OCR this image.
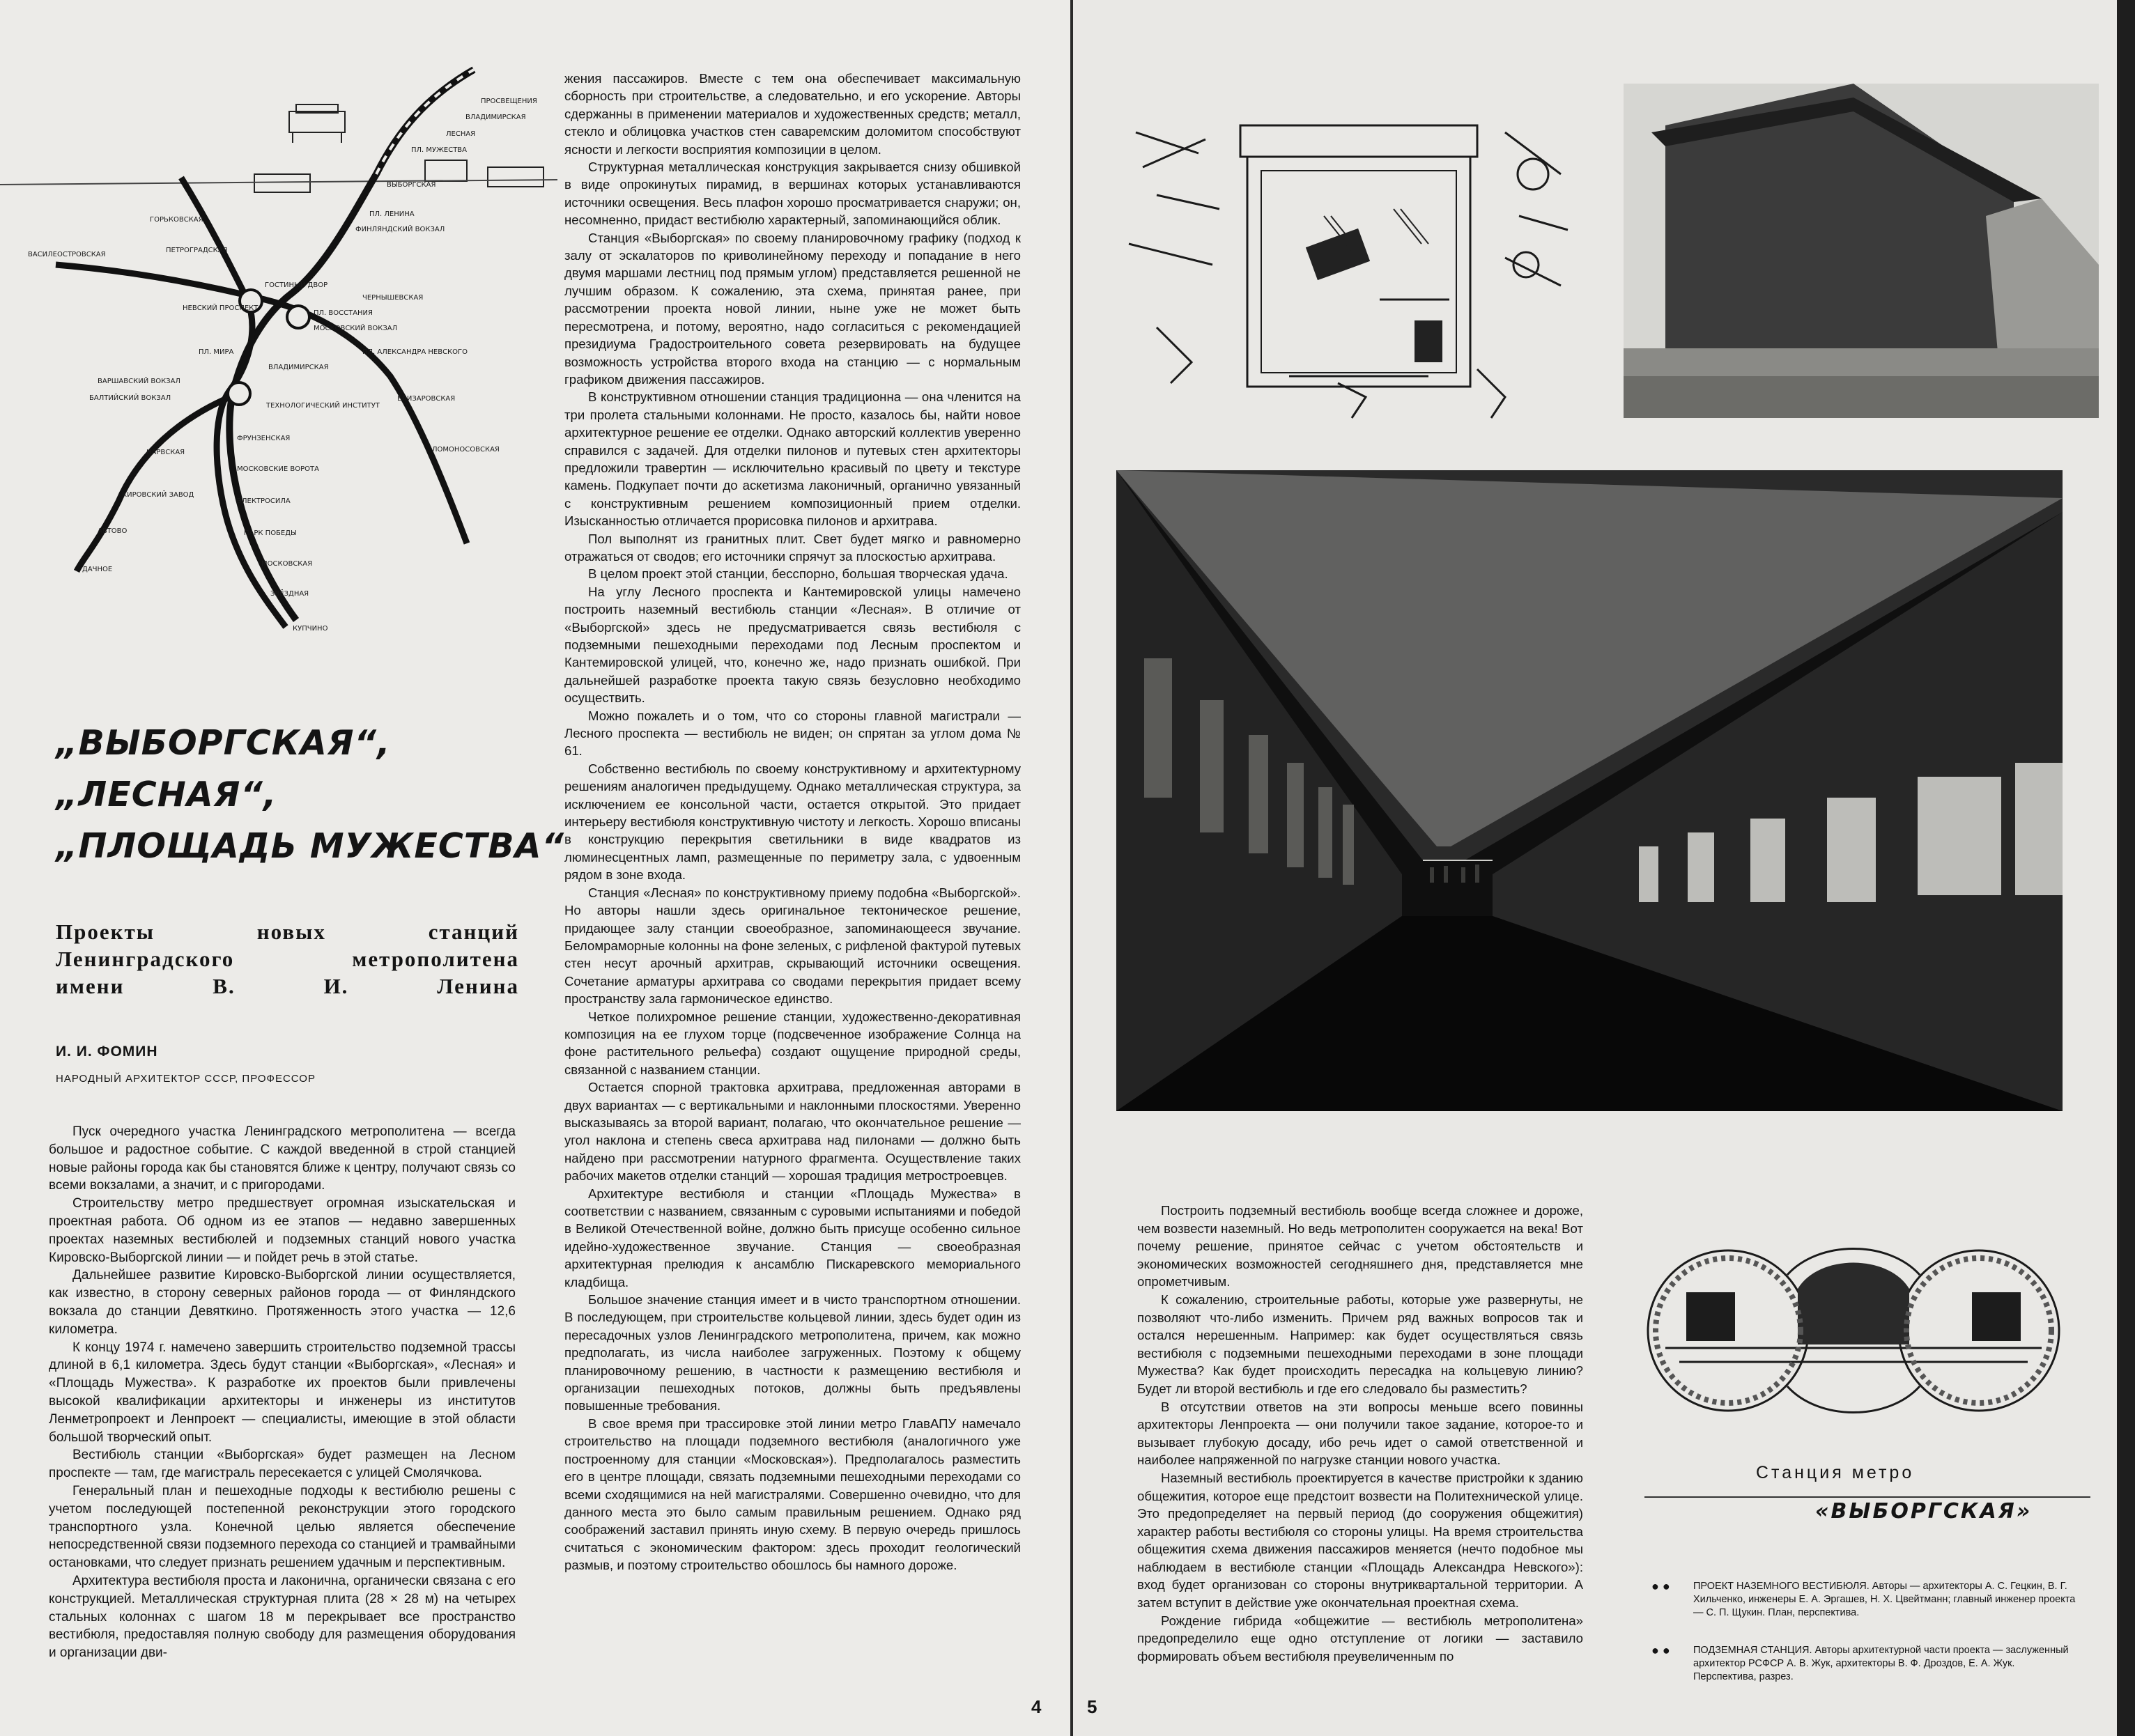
ПРОСВЕЩЕНИЯ
ВЛАДИМИРСКАЯ
ЛЕСНАЯ
ПЛ. МУЖЕСТВА
ВЫБОРГСКАЯ
ПЛ. ЛЕНИНА
ФИНЛЯНДСКИЙ ВОКЗАЛ
ЧЕРНЫШЕВСКАЯ
ПЛ. ВОССТАНИЯ
МОСКОВСКИЙ ВОКЗАЛ
ПЛ. АЛЕКСАНДРА НЕВСКОГО
ЕЛИЗАРОВСКАЯ
ЛОМОНОСОВСКАЯ
ГОРЬКОВСКАЯ
ПЕТРОГРАДСКАЯ
ВАСИЛЕОСТРОВСКАЯ
НЕВСКИЙ ПРОСПЕКТ
ГОСТИНЫЙ ДВОР
ПЛ. МИРА
ВЛАДИМИРСКАЯ
ТЕХНОЛОГИЧЕСКИЙ ИНСТИТУТ
ВАРШАВСКИЙ ВОКЗАЛ
БАЛТИЙСКИЙ ВОКЗАЛ
ФРУНЗЕНСКАЯ
МОСКОВСКИЕ ВОРОТА
ЭЛЕКТРОСИЛА
ПАРК ПОБЕДЫ
МОСКОВСКАЯ
ЗВЁЗДНАЯ
КУПЧИНО
НАРВСКАЯ
КИРОВСКИЙ ЗАВОД
АВТОВО
ДАЧНОЕ
„ВЫБОРГСКАЯ“,
„ЛЕСНАЯ“,
„ПЛОЩАДЬ МУЖЕСТВА“
Проекты новых станций
Ленинградского метрополитена
имени В. И. Ленина
И. И. ФОМИН
НАРОДНЫЙ АРХИТЕКТОР СССР, ПРОФЕССОР

Пуск очередного участка Ленинградского метрополитена — всегда большое и радостное событие. С каждой введенной в строй станцией новые районы города как бы становятся ближе к центру, получают связь со всеми вокзалами, а значит, и с пригородами.

Строительству метро предшествует огромная изыскательская и проектная работа. Об одном из ее этапов — недавно завершенных проектах наземных вестибюлей и подземных станций нового участка Кировско-Выборгской линии — и пойдет речь в этой статье.

Дальнейшее развитие Кировско-Выборгской линии осуществляется, как известно, в сторону северных районов города — от Финляндского вокзала до станции Девяткино. Протяженность этого участка — 12,6 километра.

К концу 1974 г. намечено завершить строительство подземной трассы длиной в 6,1 километра. Здесь будут станции «Выборгская», «Лесная» и «Площадь Мужества». К разработке их проектов были привлечены высокой квалификации архитекторы и инженеры из институтов Ленметропроект и Ленпроект — специалисты, имеющие в этой области большой творческий опыт.

Вестибюль станции «Выборгская» будет размещен на Лесном проспекте — там, где магистраль пересекается с улицей Смолячкова.

Генеральный план и пешеходные подходы к вестибюлю решены с учетом последующей постепенной реконструкции этого городского транспортного узла. Конечной целью является обеспечение непосредственной связи подземного перехода со станцией и трамвайными остановками, что следует признать решением удачным и перспективным.

Архитектура вестибюля проста и лаконична, органически связана с его конструкцией. Металлическая структурная плита (28 × 28 м) на четырех стальных колоннах с шагом 18 м перекрывает все пространство вестибюля, предоставляя полную свободу для размещения оборудования и организации дви-

жения пассажиров. Вместе с тем она обеспечивает максимальную сборность при строительстве, а следовательно, и его ускорение. Авторы сдержанны в применении материалов и художественных средств; металл, стекло и облицовка участков стен саваремским доломитом способствуют ясности и легкости восприятия композиции в целом.

Структурная металлическая конструкция закрывается снизу обшивкой в виде опрокинутых пирамид, в вершинах которых устанавливаются источники освещения. Весь плафон хорошо просматривается снаружи; он, несомненно, придаст вестибюлю характерный, запоминающийся облик.

Станция «Выборгская» по своему планировочному графику (подход к залу от эскалаторов по криволинейному переходу и попадание в него двумя маршами лестниц под прямым углом) представляется решенной не лучшим образом. К сожалению, эта схема, принятая ранее, при рассмотрении проекта новой линии, ныне уже не может быть пересмотрена, и потому, вероятно, надо согласиться с рекомендацией президиума Градостроительного совета резервировать на будущее возможность устройства второго входа на станцию — с нормальным графиком движения пассажиров.

В конструктивном отношении станция традиционна — она членится на три пролета стальными колоннами. Не просто, казалось бы, найти новое архитектурное решение ее отделки. Однако авторский коллектив уверенно справился с задачей. Для отделки пилонов и путевых стен архитекторы предложили травертин — исключительно красивый по цвету и текстуре камень. Подкупает почти до аскетизма лаконичный, органично увязанный с конструктивным решением композиционный прием отделки. Изысканностью отличается прорисовка пилонов и архитрава.

Пол выполнят из гранитных плит. Свет будет мягко и равномерно отражаться от сводов; его источники спрячут за плоскостью архитрава.

В целом проект этой станции, бесспорно, большая творческая удача.

На углу Лесного проспекта и Кантемировской улицы намечено построить наземный вестибюль станции «Лесная». В отличие от «Выборгской» здесь не предусматривается связь вестибюля с подземными пешеходными переходами под Лесным проспектом и Кантемировской улицей, что, конечно же, надо признать ошибкой. При дальнейшей разработке проекта такую связь безусловно необходимо осуществить.

Можно пожалеть и о том, что со стороны главной магистрали — Лесного проспекта — вестибюль не виден; он спрятан за углом дома № 61.

Собственно вестибюль по своему конструктивному и архитектурному решениям аналогичен предыдущему. Однако металлическая структура, за исключением ее консольной части, остается открытой. Это придает интерьеру вестибюля конструктивную чистоту и легкость. Хорошо вписаны в конструкцию перекрытия светильники в виде квадратов из люминесцентных ламп, размещенные по периметру зала, с удвоенным рядом в зоне входа.

Станция «Лесная» по конструктивному приему подобна «Выборгской». Но авторы нашли здесь оригинальное тектоническое решение, придающее залу станции своеобразное, запоминающееся звучание. Беломраморные колонны на фоне зеленых, с рифленой фактурой путевых стен несут арочный архитрав, скрывающий источники освещения. Сочетание арматуры архитрава со сводами перекрытия придает всему пространству зала гармоническое единство.

Четкое полихромное решение станции, художественно-декоративная композиция на ее глухом торце (подсвеченное изображение Солнца на фоне растительного рельефа) создают ощущение природной среды, связанной с названием станции.

Остается спорной трактовка архитрава, предложенная авторами в двух вариантах — с вертикальными и наклонными плоскостями. Уверенно высказываясь за второй вариант, полагаю, что окончательное решение — угол наклона и степень свеса архитрава над пилонами — должно быть найдено при рассмотрении натурного фрагмента. Осуществление таких рабочих макетов отделки станций — хорошая традиция метростроевцев.

Архитектуре вестибюля и станции «Площадь Мужества» в соответствии с названием, связанным с суровыми испытаниями и победой в Великой Отечественной войне, должно быть присуще особенно сильное идейно-художественное звучание. Станция — своеобразная архитектурная прелюдия к ансамблю Пискаревского мемориального кладбища.

Большое значение станция имеет и в чисто транспортном отношении. В последующем, при строительстве кольцевой линии, здесь будет один из пересадочных узлов Ленинградского метрополитена, причем, как можно предполагать, из числа наиболее загруженных. Поэтому к общему планировочному решению, в частности к размещению вестибюля и организации пешеходных потоков, должны быть предъявлены повышенные требования.

В свое время при трассировке этой линии метро ГлавАПУ намечало строительство на площади подземного вестибюля (аналогичного уже построенному для станции «Московская»). Предполагалось разместить его в центре площади, связать подземными пешеходными переходами со всеми сходящимися на ней магистралями. Совершенно очевидно, что для данного места это было самым правильным решением. Однако ряд соображений заставил принять иную схему. В первую очередь пришлось считаться с экономическим фактором: здесь проходит геологический размыв, и поэтому строительство обошлось бы намного дороже.

4

Построить подземный вестибюль вообще всегда сложнее и дороже, чем возвести наземный. Но ведь метрополитен сооружается на века! Вот почему решение, принятое сейчас с учетом обстоятельств и экономических возможностей сегодняшнего дня, представляется мне опрометчивым.

К сожалению, строительные работы, которые уже развернуты, не позволяют что-либо изменить. Причем ряд важных вопросов так и остался нерешенным. Например: как будет осуществляться связь вестибюля с подземными пешеходными переходами в зоне площади Мужества? Как будет происходить пересадка на кольцевую линию? Будет ли второй вестибюль и где его следовало бы разместить?

В отсутствии ответов на эти вопросы меньше всего повинны архитекторы Ленпроекта — они получили такое задание, которое-то и вызывает глубокую досаду, ибо речь идет о самой ответственной и наиболее напряженной по нагрузке станции нового участка.

Наземный вестибюль проектируется в качестве пристройки к зданию общежития, которое еще предстоит возвести на Политехнической улице. Это предопределяет на первый период (до сооружения общежития) характер работы вестибюля со стороны улицы. На время строительства общежития схема движения пассажиров меняется (нечто подобное мы наблюдаем в вестибюле станции «Площадь Александра Невского»): вход будет организован со стороны внутриквартальной территории. А затем вступит в действие уже окончательная проектная схема.

Рождение гибрида «общежитие — вестибюль метрополитена» предопределило еще одно отступление от логики — заставило формировать объем вестибюля преувеличенным по

Станция метро
«ВЫБОРГСКАЯ»
● ● ПРОЕКТ НАЗЕМНОГО ВЕСТИБЮЛЯ. Авторы — архитекторы А. С. Гецкин, В. Г. Хильченко, инженеры Е. А. Эргашев, Н. Х. Цвейтманн; главный инженер проекта — С. П. Щукин. План, перспектива.
● ● ПОДЗЕМНАЯ СТАНЦИЯ. Авторы архитектурной части проекта — заслуженный архитектор РСФСР А. В. Жук, архитекторы В. Ф. Дроздов, Е. А. Жук. Перспектива, разрез.
5
